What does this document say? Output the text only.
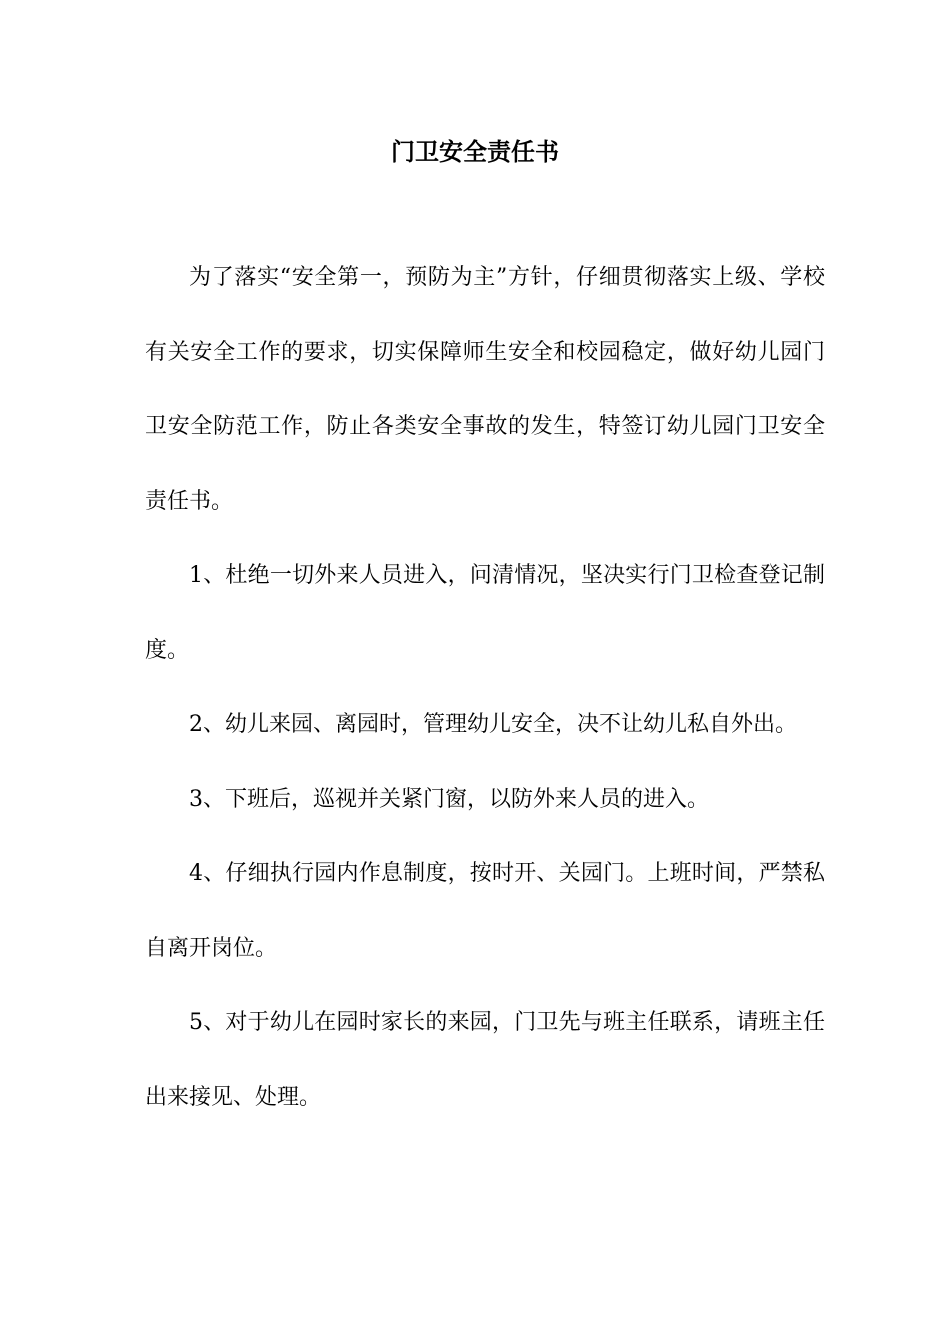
门卫安全责任书

为了落实“安全第一，预防为主”方针，仔细贯彻落实上级、学校有关安全工作的要求，切实保障师生安全和校园稳定，做好幼儿园门卫安全防范工作，防止各类安全事故的发生，特签订幼儿园门卫安全责任书。

1、杜绝一切外来人员进入，问清情况，坚决实行门卫检查登记制度。

2、幼儿来园、离园时，管理幼儿安全，决不让幼儿私自外出。

3、下班后，巡视并关紧门窗，以防外来人员的进入。

4、仔细执行园内作息制度，按时开、关园门。上班时间，严禁私自离开岗位。

5、对于幼儿在园时家长的来园，门卫先与班主任联系，请班主任出来接见、处理。
